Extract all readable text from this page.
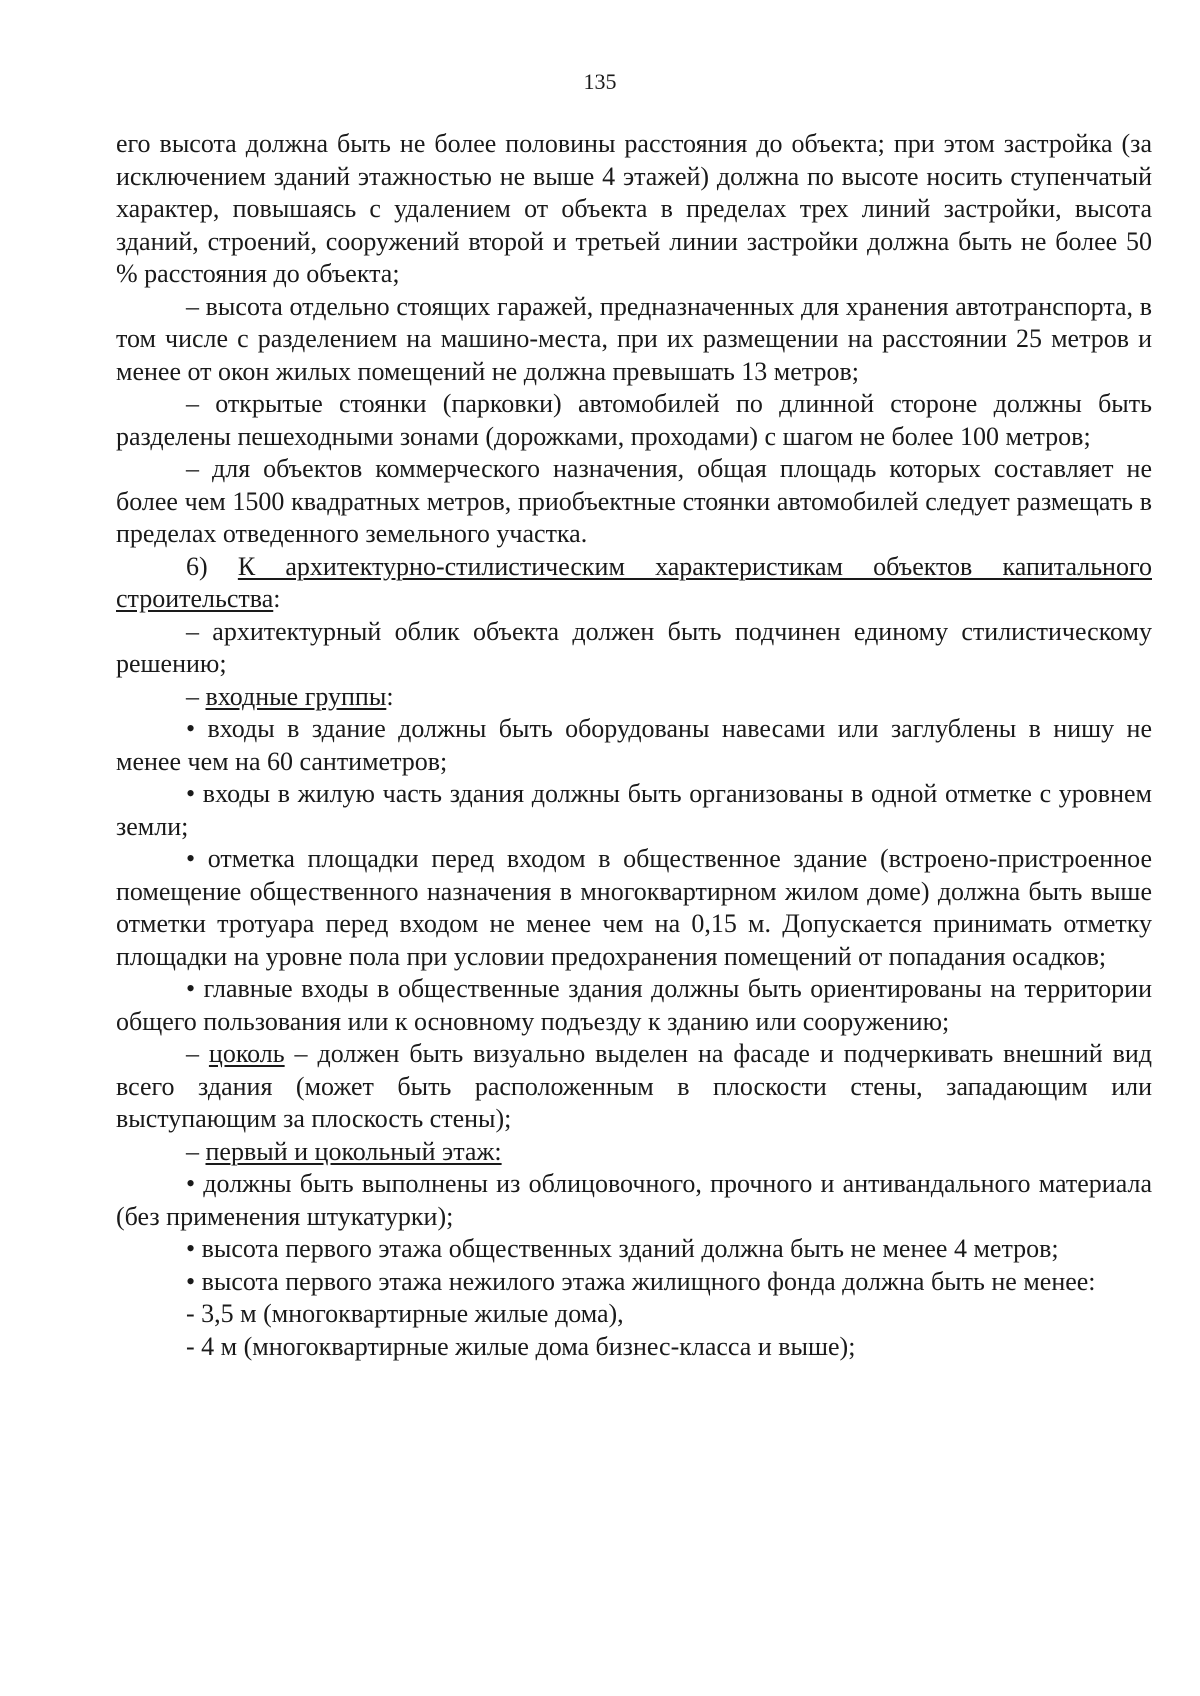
135

его высота должна быть не более половины расстояния до объекта; при этом застройка (за исключением зданий этажностью не выше 4 этажей) должна по высоте носить ступенчатый характер, повышаясь с удалением от объекта в пределах трех линий застройки, высота зданий, строений, сооружений второй и третьей линии застройки должна быть не более 50 % расстояния до объекта;

– высота отдельно стоящих гаражей, предназначенных для хранения автотранспорта, в том числе с разделением на машино-места, при их размещении на расстоянии 25 метров и менее от окон жилых помещений не должна превышать 13 метров;

– открытые стоянки (парковки) автомобилей по длинной стороне должны быть разделены пешеходными зонами (дорожками, проходами) с шагом не более 100 метров;

– для объектов коммерческого назначения, общая площадь которых составляет не более чем 1500 квадратных метров, приобъектные стоянки автомобилей следует размещать в пределах отведенного земельного участка.

6) К архитектурно-стилистическим характеристикам объектов капитального строительства:

– архитектурный облик объекта должен быть подчинен единому стилистическому решению;

– входные группы:

• входы в здание должны быть оборудованы навесами или заглублены в нишу не менее чем на 60 сантиметров;

• входы в жилую часть здания должны быть организованы в одной отметке с уровнем земли;

• отметка площадки перед входом в общественное здание (встроено-пристроенное помещение общественного назначения в многоквартирном жилом доме) должна быть выше отметки тротуара перед входом не менее чем на 0,15 м. Допускается принимать отметку площадки на уровне пола при условии предохранения помещений от попадания осадков;

• главные входы в общественные здания должны быть ориентированы на территории общего пользования или к основному подъезду к зданию или сооружению;

– цоколь – должен быть визуально выделен на фасаде и подчеркивать внешний вид всего здания (может быть расположенным в плоскости стены, западающим или выступающим за плоскость стены);

– первый и цокольный этаж:

• должны быть выполнены из облицовочного, прочного и антивандального материала (без применения штукатурки);

• высота первого этажа общественных зданий должна быть не менее 4 метров;

• высота первого этажа нежилого этажа жилищного фонда должна быть не менее:

- 3,5 м (многоквартирные жилые дома),

- 4 м (многоквартирные жилые дома бизнес-класса и выше);
